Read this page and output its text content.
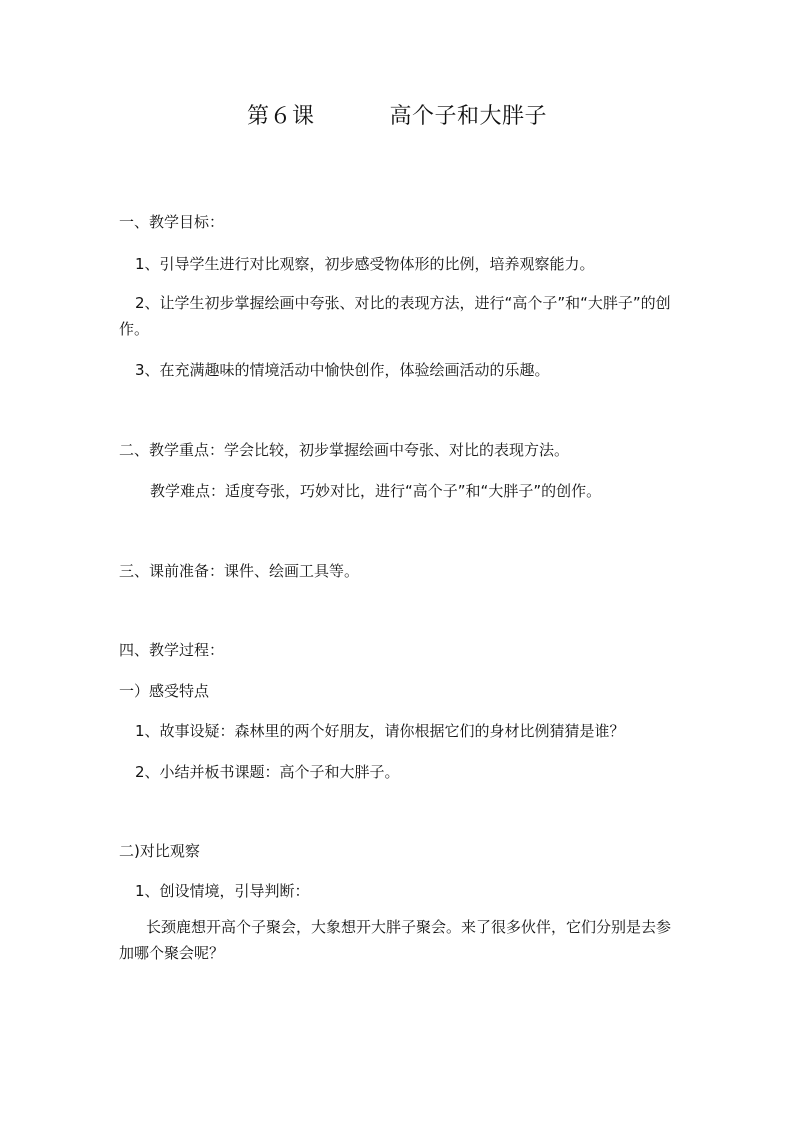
第６课          高个子和大胖子
一、教学目标：
1、引导学生进行对比观察，初步感受物体形的比例，培养观察能力。
2、让学生初步掌握绘画中夸张、对比的表现方法，进行“高个子”和“大胖子”的创作。
3、在充满趣味的情境活动中愉快创作，体验绘画活动的乐趣。
二、教学重点：学会比较，初步掌握绘画中夸张、对比的表现方法。
教学难点：适度夸张，巧妙对比，进行“高个子”和“大胖子”的创作。
三、课前准备：课件、绘画工具等。
四、教学过程：
一）感受特点
1、故事设疑：森林里的两个好朋友，请你根据它们的身材比例猜猜是谁？
2、小结并板书课题：高个子和大胖子。
二)对比观察
1、创设情境，引导判断：
长颈鹿想开高个子聚会，大象想开大胖子聚会。来了很多伙伴，它们分别是去参加哪个聚会呢？
